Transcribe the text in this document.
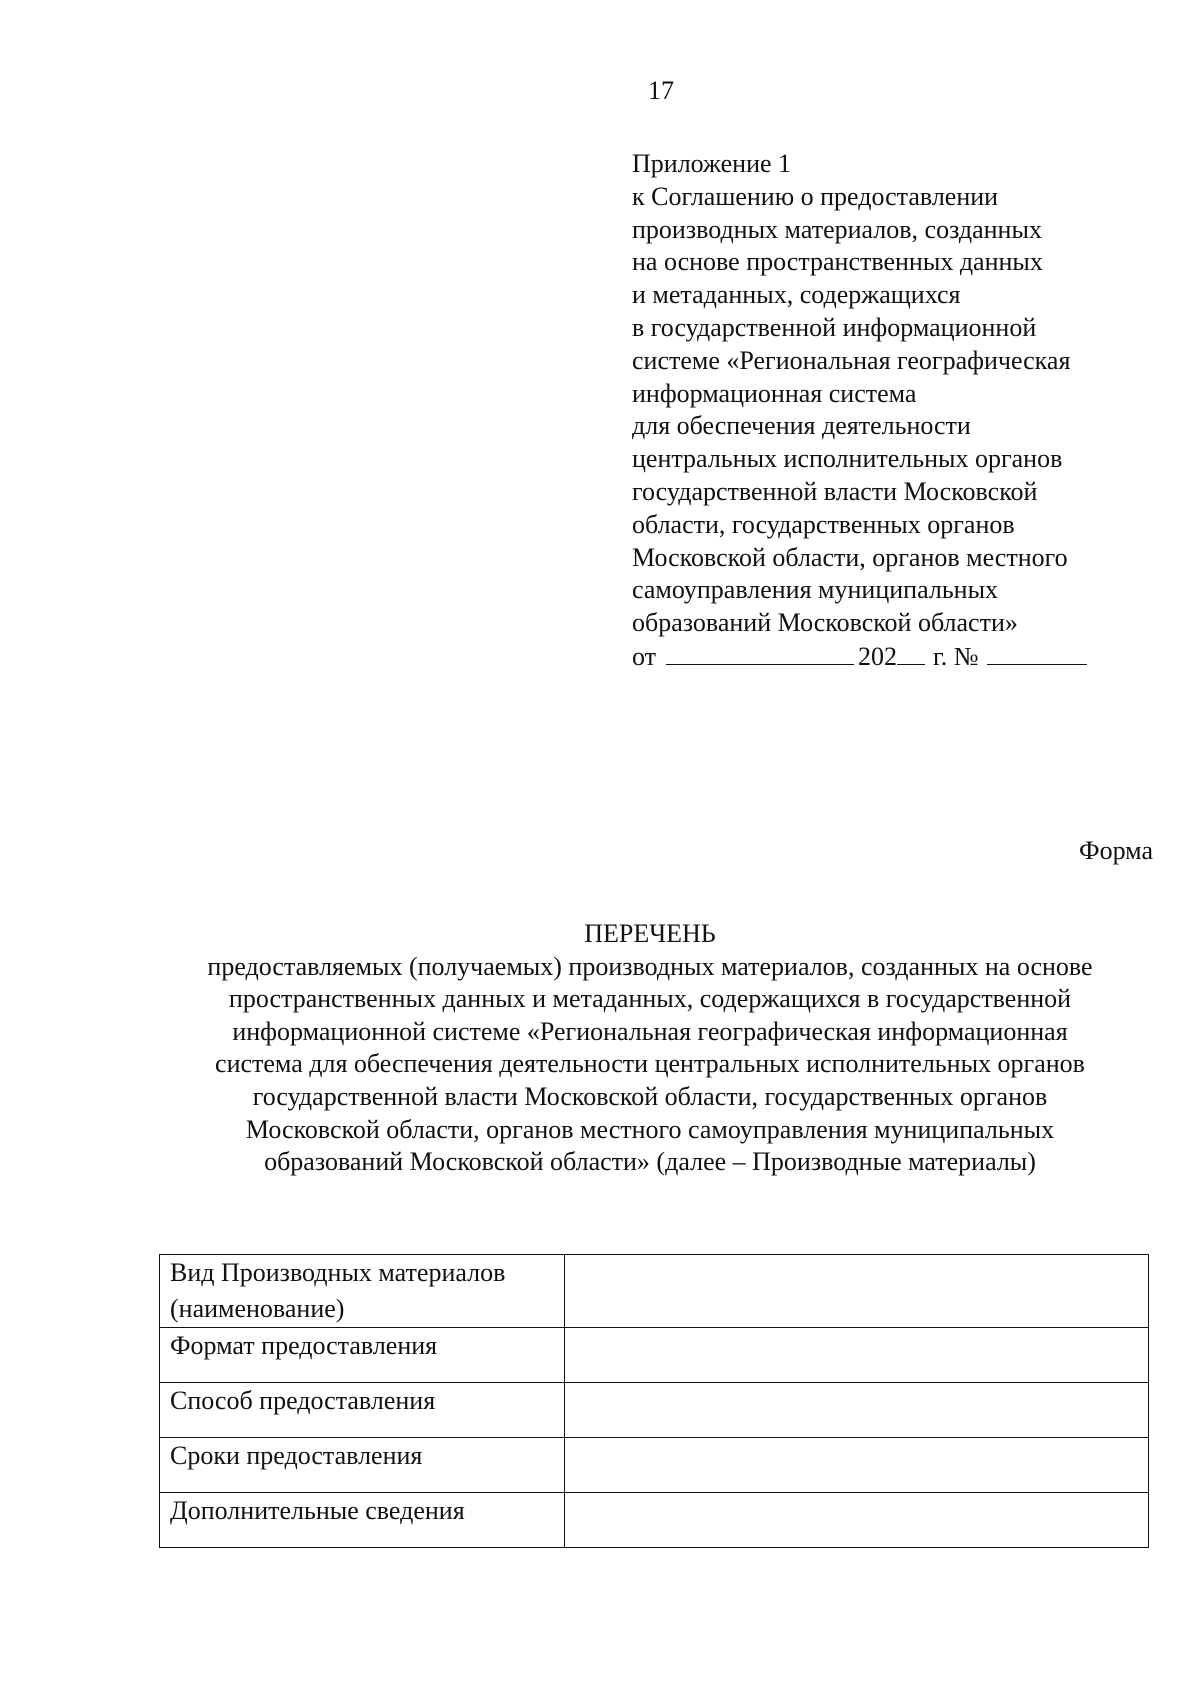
17
Приложение 1
к Соглашению о предоставлении
производных материалов, созданных
на основе пространственных данных
и метаданных, содержащихся
в государственной информационной
системе «Региональная географическая
информационная система
для обеспечения деятельности
центральных исполнительных органов
государственной власти Московской
области, государственных органов
Московской области, органов местного
самоуправления муниципальных
образований Московской области»
от	202 г. №
Форма
ПЕРЕЧЕНЬ
предоставляемых (получаемых) производных материалов, созданных на основе
пространственных данных и метаданных, содержащихся в государственной
информационной системе «Региональная географическая информационная
система для обеспечения деятельности центральных исполнительных органов
государственной власти Московской области, государственных органов
Московской области, органов местного самоуправления муниципальных
образований Московской области» (далее – Производные материалы)
Вид Производных материалов (наименование)	
Формат предоставления	
Способ предоставления	
Сроки предоставления	
Дополнительные сведения	
